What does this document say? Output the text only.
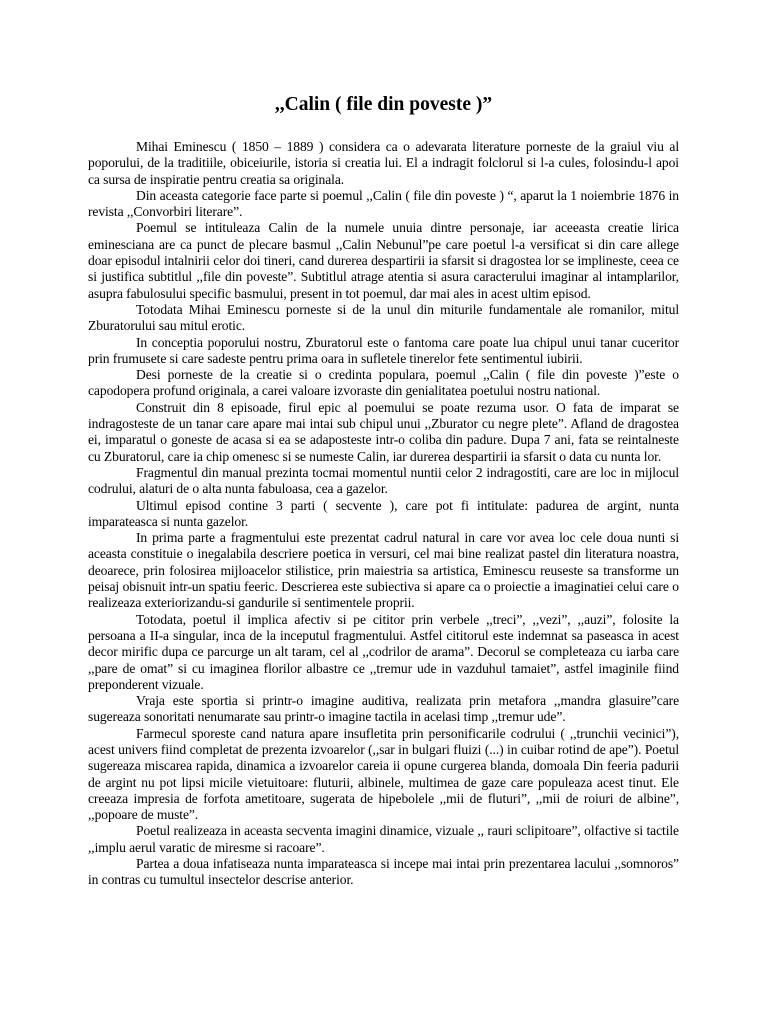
,,Calin ( file din poveste )”

Mihai Eminescu ( 1850 – 1889 ) considera ca o adevarata literature porneste de la graiul viu al poporului, de la traditiile, obiceiurile, istoria si creatia lui. El a indragit folclorul si l-a cules, folosindu-l apoi ca sursa de inspiratie pentru creatia sa originala.

Din aceasta categorie face parte si poemul ,,Calin ( file din poveste ) “, aparut la 1 noiembrie 1876 in revista ,,Convorbiri literare”.

Poemul se intituleaza Calin de la numele unuia dintre personaje, iar aceeasta creatie lirica eminesciana are ca punct de plecare basmul ,,Calin Nebunul”pe care poetul l-a versificat si din care allege doar episodul intalnirii celor doi tineri, cand durerea despartirii ia sfarsit si dragostea lor se implineste, ceea ce si justifica subtitlul ,,file din poveste”. Subtitlul atrage atentia si asura caracterului imaginar al intamplarilor, asupra fabulosului specific basmului, present in tot poemul, dar mai ales in acest ultim episod.

Totodata Mihai Eminescu porneste si de la unul din miturile fundamentale ale romanilor, mitul Zburatorului sau mitul erotic.

In conceptia poporului nostru, Zburatorul este o fantoma care poate lua chipul unui tanar cuceritor prin frumusete si care sadeste pentru prima oara in sufletele tinerelor fete sentimentul iubirii.

Desi porneste de la creatie si o credinta populara, poemul ,,Calin ( file din poveste )”este o capodopera profund originala, a carei valoare izvoraste din genialitatea poetului nostru national.

Construit din 8 episoade, firul epic al poemului se poate rezuma usor. O fata de imparat se indragosteste de un tanar care apare mai intai sub chipul unui ,,Zburator cu negre plete”. Afland de dragostea ei, imparatul o goneste de acasa si ea se adaposteste intr-o coliba din padure. Dupa 7 ani, fata se reintalneste cu Zburatorul, care ia chip omenesc si se numeste Calin, iar durerea despartirii ia sfarsit o data cu nunta lor.

Fragmentul din manual prezinta tocmai momentul nuntii celor 2 indragostiti, care are loc in mijlocul codrului, alaturi de o alta nunta fabuloasa, cea a gazelor.

Ultimul episod contine 3 parti ( secvente ), care pot fi intitulate: padurea de argint, nunta imparateasca si nunta gazelor.

In prima parte a fragmentului este prezentat cadrul natural in care vor avea loc cele doua nunti si aceasta constituie o inegalabila descriere poetica in versuri, cel mai bine realizat pastel din literatura noastra, deoarece, prin folosirea mijloacelor stilistice, prin maiestria sa artistica, Eminescu reuseste sa transforme un peisaj obisnuit intr-un spatiu feeric. Descrierea este subiectiva si apare ca o proiectie a imaginatiei celui care o realizeaza exteriorizandu-si gandurile si sentimentele proprii.

Totodata, poetul il implica afectiv si pe cititor prin verbele ,,treci”, ,,vezi”, ,,auzi”, folosite la persoana a II-a singular, inca de la inceputul fragmentului. Astfel cititorul este indemnat sa paseasca in acest decor mirific dupa ce parcurge un alt taram, cel al ,,codrilor de arama”. Decorul se completeaza cu iarba care ,,pare de omat” si cu imaginea florilor albastre ce ,,tremur ude in vazduhul tamaiet”, astfel imaginile fiind preponderent vizuale.

Vraja este sportia si printr-o imagine auditiva, realizata prin metafora ,,mandra glasuire”care sugereaza sonoritati nenumarate sau printr-o imagine tactila in acelasi timp ,,tremur ude”.

Farmecul sporeste cand natura apare insufletita prin personificarile codrului ( ,,trunchii vecinici”), acest univers fiind completat de prezenta izvoarelor (,,sar in bulgari fluizi (...) in cuibar rotind de ape”). Poetul sugereaza miscarea rapida, dinamica a izvoarelor careia ii opune curgerea blanda, domoala Din feeria padurii de argint nu pot lipsi micile vietuitoare: fluturii, albinele, multimea de gaze care populeaza acest tinut. Ele creeaza impresia de forfota ametitoare, sugerata de hipebolele ,,mii de fluturi”, ,,mii de roiuri de albine”, ,,popoare de muste”.

Poetul realizeaza in aceasta secventa imagini dinamice, vizuale ,, rauri sclipitoare”, olfactive si tactile ,,implu aerul varatic de miresme si racoare”.

Partea a doua infatiseaza nunta imparateasca si incepe mai intai prin prezentarea lacului ,,somnoros” in contras cu tumultul insectelor descrise anterior.
